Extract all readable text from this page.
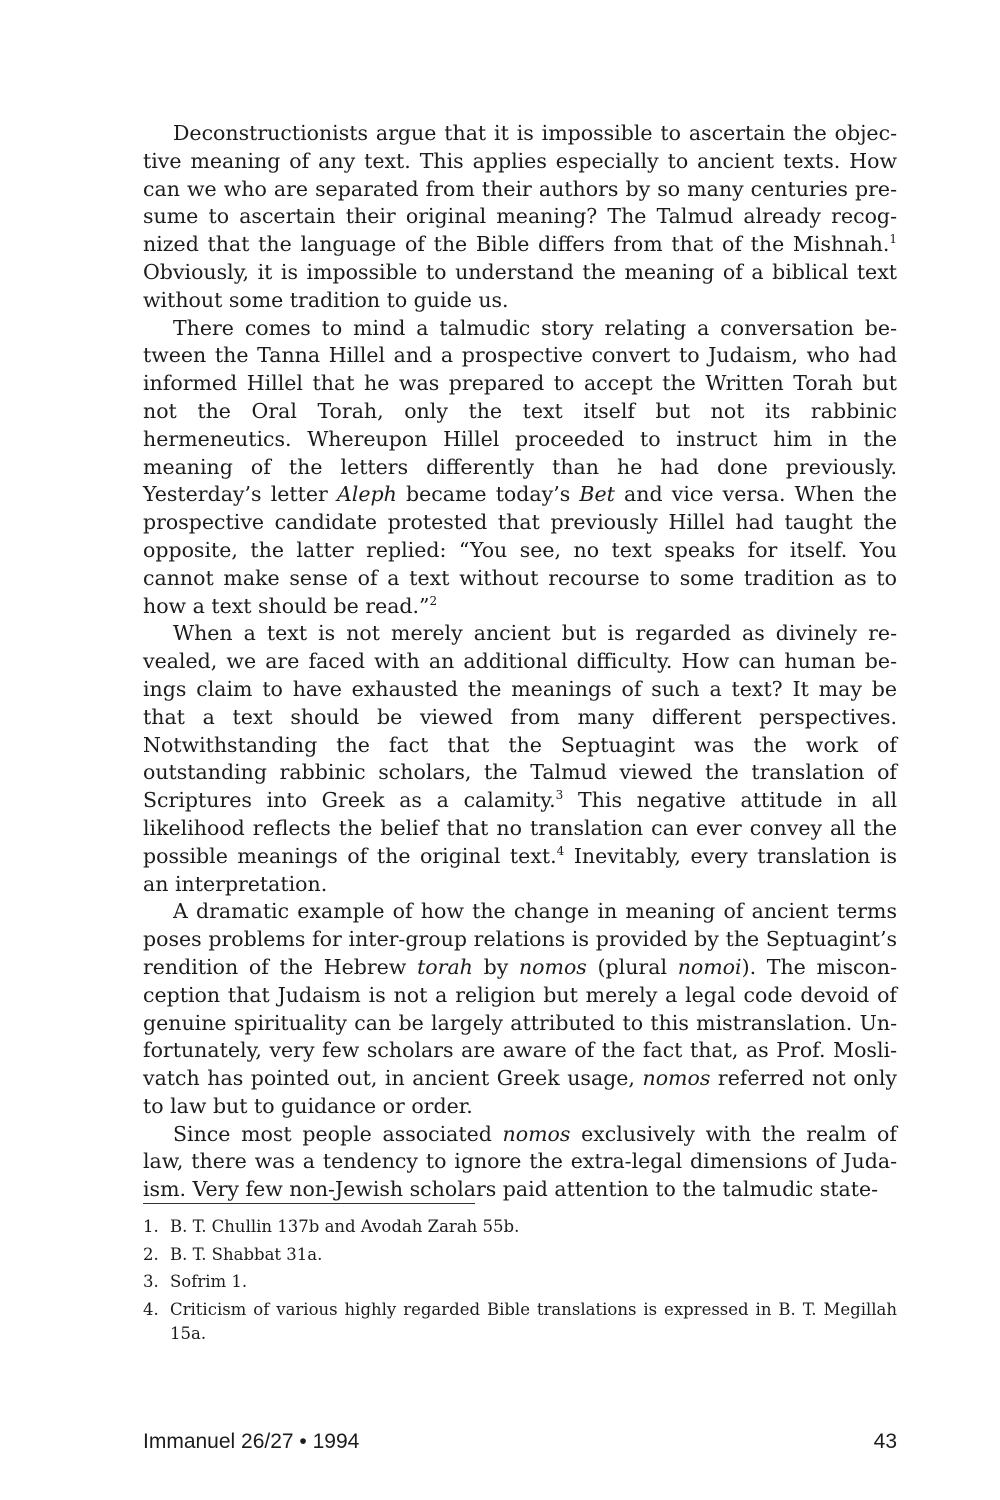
Deconstructionists argue that it is impossible to ascertain the objective meaning of any text. This applies especially to ancient texts. How can we who are separated from their authors by so many centuries presume to ascertain their original meaning? The Talmud already recognized that the language of the Bible differs from that of the Mishnah.$^1$ Obviously, it is impossible to understand the meaning of a biblical text without some tradition to guide us.

There comes to mind a talmudic story relating a conversation between the Tanna Hillel and a prospective convert to Judaism, who had informed Hillel that he was prepared to accept the Written Torah but not the Oral Torah, only the text itself but not its rabbinic hermeneutics. Whereupon Hillel proceeded to instruct him in the meaning of the letters differently than he had done previously. Yesterday’s letter Aleph became today’s Bet and vice versa. When the prospective candidate protested that previously Hillel had taught the opposite, the latter replied: “You see, no text speaks for itself. You cannot make sense of a text without recourse to some tradition as to how a text should be read.”$^2$

When a text is not merely ancient but is regarded as divinely revealed, we are faced with an additional difficulty. How can human beings claim to have exhausted the meanings of such a text? It may be that a text should be viewed from many different perspectives. Notwithstanding the fact that the Septuagint was the work of outstanding rabbinic scholars, the Talmud viewed the translation of Scriptures into Greek as a calamity.$^3$ This negative attitude in all likelihood reflects the belief that no translation can ever convey all the possible meanings of the original text.$^4$ Inevitably, every translation is an interpretation.

A dramatic example of how the change in meaning of ancient terms poses problems for inter-group relations is provided by the Septuagint’s rendition of the Hebrew torah by nomos (plural nomoi). The misconception that Judaism is not a religion but merely a legal code devoid of genuine spirituality can be largely attributed to this mistranslation. Unfortunately, very few scholars are aware of the fact that, as Prof. Moslivatch has pointed out, in ancient Greek usage, nomos referred not only to law but to guidance or order.

Since most people associated nomos exclusively with the realm of law, there was a tendency to ignore the extra-legal dimensions of Judaism. Very few non-Jewish scholars paid attention to the talmudic state-

1. B. T. Chullin 137b and Avodah Zarah 55b.
2. B. T. Shabbat 31a.
3. Sofrim 1.
4. Criticism of various highly regarded Bible translations is expressed in B. T. Megillah 15a.
Immanuel 26/27 • 1994	43
